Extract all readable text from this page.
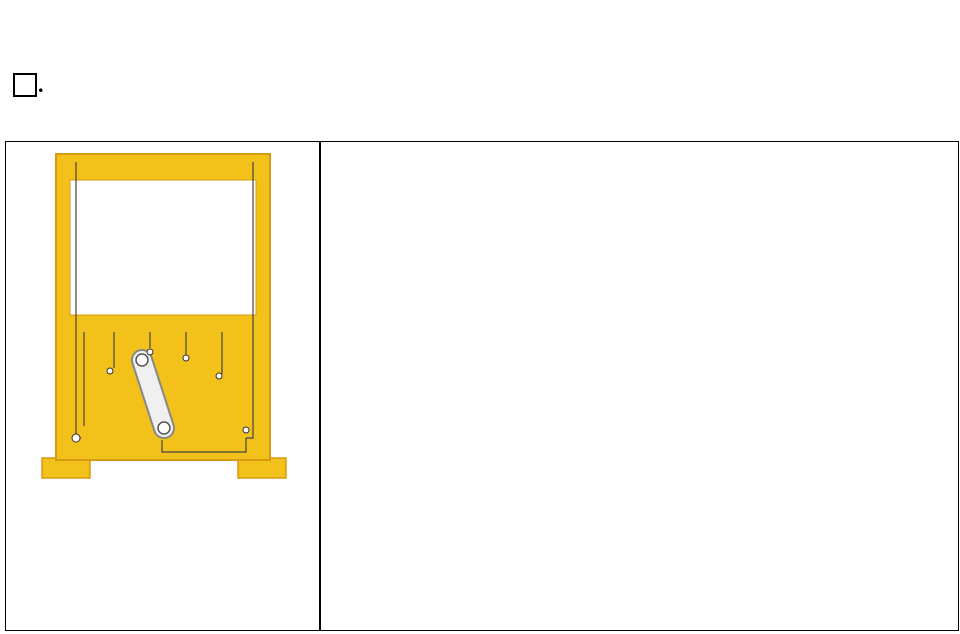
.
